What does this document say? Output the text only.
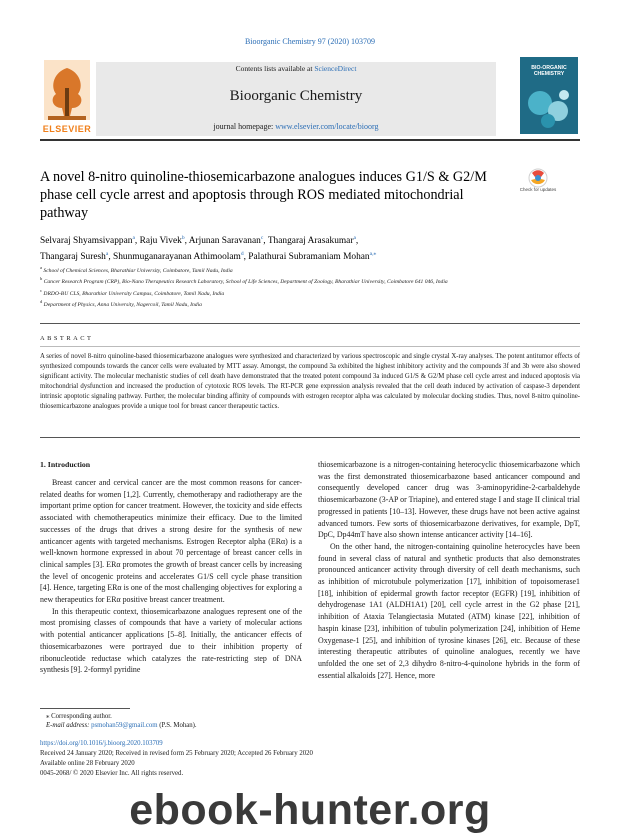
Bioorganic Chemistry 97 (2020) 103709
ELSEVIER
Contents lists available at ScienceDirect
Bioorganic Chemistry
journal homepage: www.elsevier.com/locate/bioorg
BIO-ORGANIC CHEMISTRY
A novel 8-nitro quinoline-thiosemicarbazone analogues induces G1/S & G2/M phase cell cycle arrest and apoptosis through ROS mediated mitochondrial pathway
Check for updates
Selvaraj Shyamsivappan$^a$, Raju Vivek$^b$, Arjunan Saravanan$^c$, Thangaraj Arasakumar$^a$,
Thangaraj Suresh$^a$, Shunmuganarayanan Athimoolam$^d$, Palathurai Subramaniam Mohan$^{a,⁎}$
$^a$ School of Chemical Sciences, Bharathiar University, Coimbatore, Tamil Nadu, India
$^b$ Cancer Research Program (CRP), Bio-Nano Therapeutics Research Laboratory, School of Life Sciences, Department of Zoology, Bharathiar University, Coimbatore 641 046, India
$^c$ DRDO-BU CLS, Bharathiar University Campus, Coimbatore, Tamil Nadu, India
$^d$ Department of Physics, Anna University, Nagercoil, Tamil Nadu, India
ABSTRACT
A series of novel 8-nitro quinoline-based thiosemicarbazone analogues were synthesized and characterized by various spectroscopic and single crystal X-ray analyses. The potent antitumor effects of synthesized compounds towards the cancer cells were evaluated by MTT assay. Amongst, the compound 3a exhibited the highest inhibitory activity and the compounds 3f and 3b were also showed significant activity. The molecular mechanistic studies of cell death have demonstrated that the treated potent compound 3a induced G1/S & G2/M phase cell cycle arrest and induced apoptosis via mitochondrial dysfunction and increased the production of cytotoxic ROS levels. The RT-PCR gene expression analysis revealed that the cell death induced by activation of caspase-3 dependent intrinsic apoptotic signaling pathway. Further, the molecular binding affinity of compounds with estrogen receptor alpha was calculated by molecular docking studies. Thus, novel 8-nitro quinoline-thiosemicarbazone analogues provide a unique tool for breast cancer therapeutic tactics.
1. Introduction

Breast cancer and cervical cancer are the most common reasons for cancer-related deaths for women [1,2]. Currently, chemotherapy and radiotherapy are the important prime option for cancer treatment. However, the toxicity and side effects associated with chemotherapeutics minimize their efficacy. Due to the limited successes of the drugs that drives a strong desire for the synthesis of new anticancer agents with targeted mechanisms. Estrogen Receptor alpha (ERα) is a well-known hormone expressed in about 70 percentage of breast cancer cells in clinical samples [3]. ERα promotes the growth of breast cancer cells by increasing the level of oncogenic proteins and accelerates G1/S cell cycle phase transition [4]. Hence, targeting ERα is one of the most challenging objectives for exploring a new therapeutics for ERα positive breast cancer treatment.

In this therapeutic context, thiosemicarbazone analogues represent one of the most promising classes of compounds that have a variety of molecular actions with potential anticancer applications [5–8]. Initially, the anticancer effects of thiosemicarbazones were portrayed due to their inhibition property of ribonucleotide reductase which catalyzes the rate-restricting step of DNA synthesis [9]. 2-formyl pyridine

thiosemicarbazone is a nitrogen-containing heterocyclic thiosemicarbazone which was the first demonstrated thiosemicarbazone based anticancer compound and consequently developed cancer drug was 3-aminopyridine-2-carbaldehyde thiosemicarbazone (3-AP or Triapine), and entered stage I and stage II clinical trial progressed in patients [10–13]. However, these drugs have not been active against advanced tumors. Few sorts of thiosemicarbazone derivatives, for example, DpT, DpC, Dp44mT have also shown intense anticancer activity [14–16].

On the other hand, the nitrogen-containing quinoline heterocycles have been found in several class of natural and synthetic products that also demonstrates pronounced anticancer activity through diversity of cell death mechanisms, such as inhibition of microtubule polymerization [17], inhibition of topoisomerase1 [18], inhibition of epidermal growth factor receptor (EGFR) [19], inhibition of dehydrogenase 1A1 (ALDH1A1) [20], cell cycle arrest in the G2 phase [21], inhibition of Ataxia Telangiectasia Mutated (ATM) kinase [22], inhibition of haspin kinase [23], inhibition of tubulin polymerization [24], inhibition of Heme Oxygenase-1 [25], and inhibition of tyrosine kinases [26], etc. Because of these interesting therapeutic attributes of quinoline analogues, recently we have unfolded the one set of 2,3 dihydro 8-nitro-4-quinolone hybrids in the form of essential alkaloids [27]. Hence, more

⁎ Corresponding author.
E-mail address: psmohan59@gmail.com (P.S. Mohan).
https://doi.org/10.1016/j.bioorg.2020.103709
Received 24 January 2020; Received in revised form 25 February 2020; Accepted 26 February 2020
Available online 28 February 2020
0045-2068/ © 2020 Elsevier Inc. All rights reserved.
ebook-hunter.org
